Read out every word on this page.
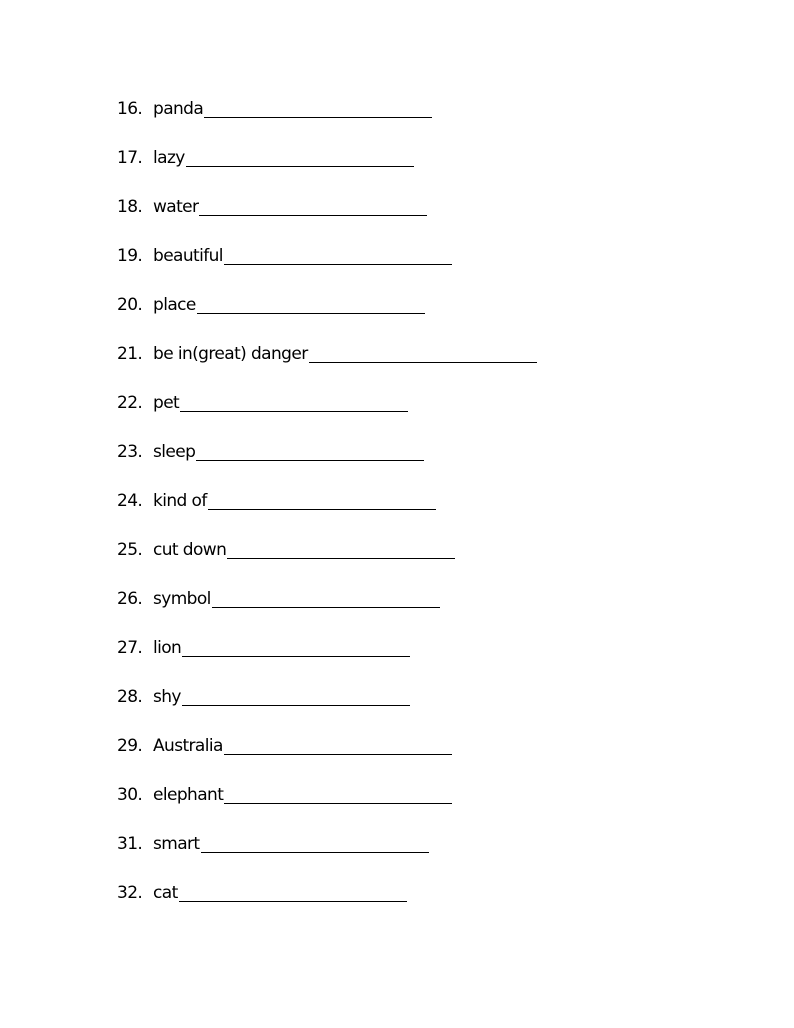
16. panda
17. lazy
18. water
19. beautiful
20. place
21. be in(great) danger
22. pet
23. sleep
24. kind of
25. cut down
26. symbol
27. lion
28. shy
29. Australia
30. elephant
31. smart
32. cat
